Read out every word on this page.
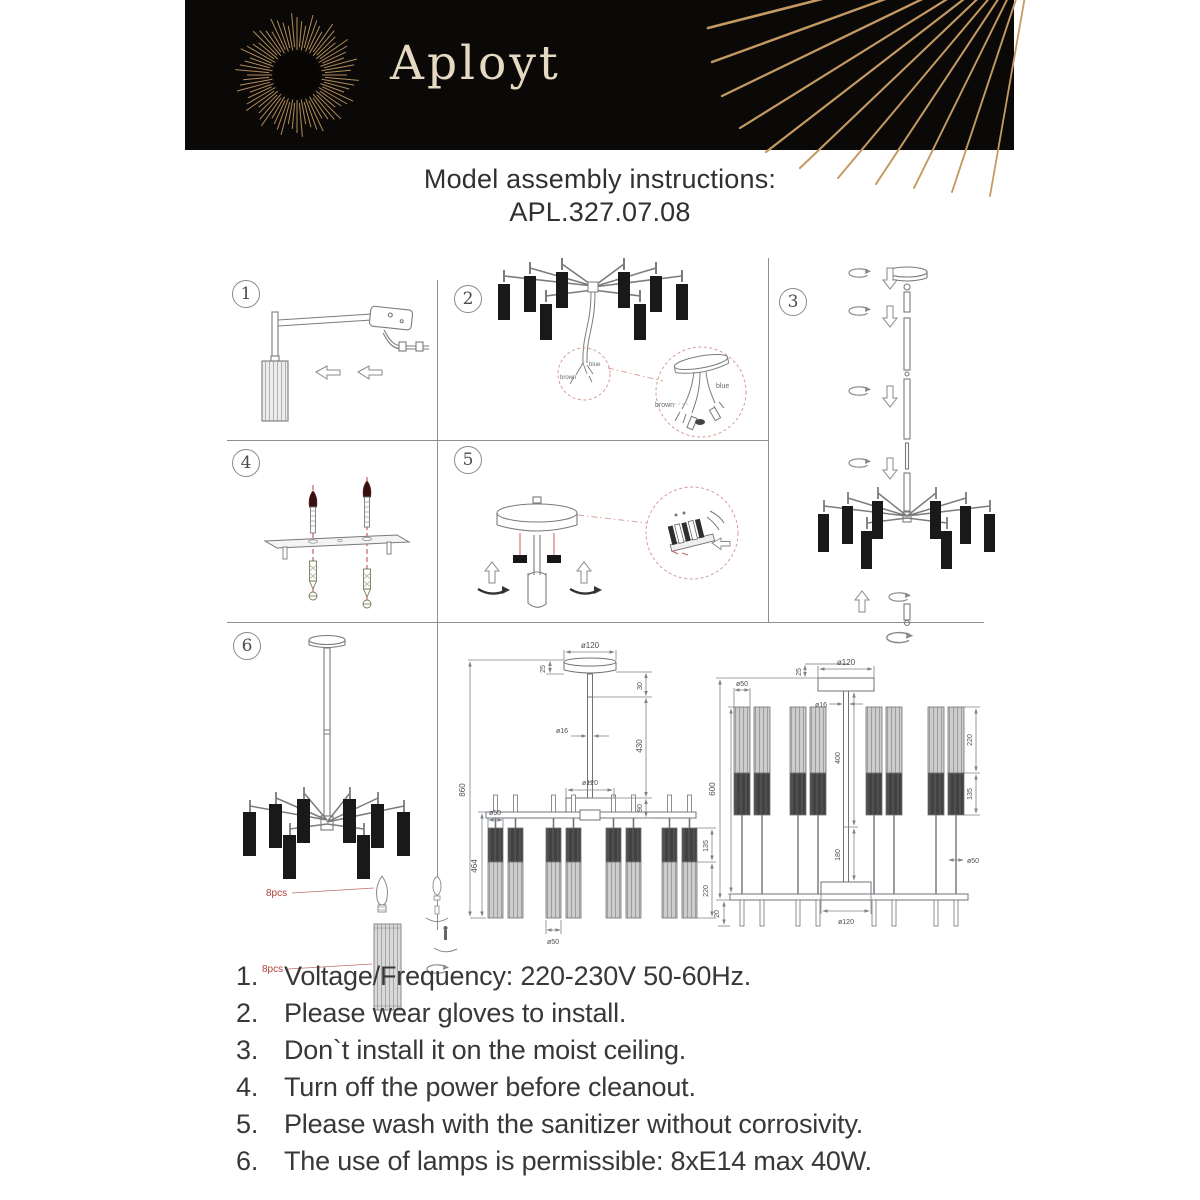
Aployt
Model assembly instructions:
APL.327.07.08
1	2	3
4	5
6
blue
brown
blue
brown
8pcs
8pcs
860
464
ø120
25
30
430
90
ø16
ø120
ø50
135
220
ø50
600
464
ø120
25
ø16
ø50
220
135
ø50
400
180
ø120
20
1. Voltage/Frequency: 220-230V 50-60Hz.
2. Please wear gloves to install.
3. Don`t install it on the moist ceiling.
4. Turn off the power before cleanout.
5. Please wash with the sanitizer without corrosivity.
6. The use of lamps is permissible: 8xE14 max 40W.
